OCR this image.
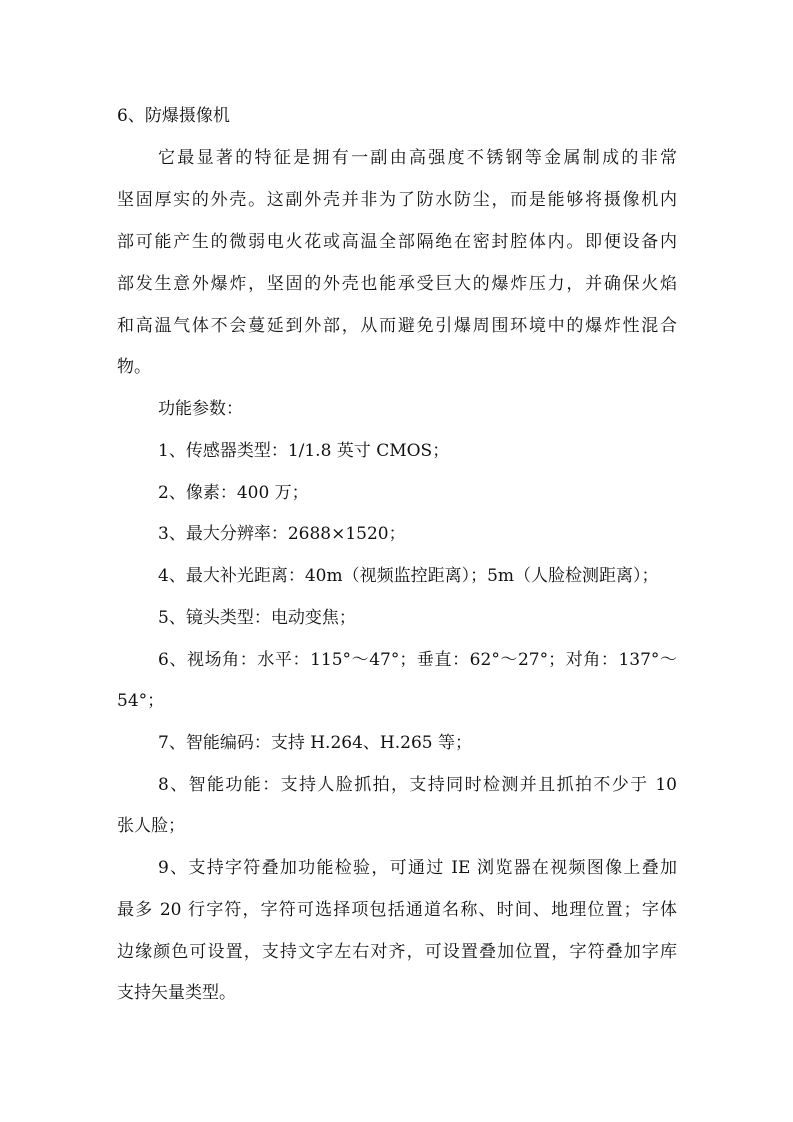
6、防爆摄像机
它最显著的特征是拥有一副由高强度不锈钢等金属制成的非常
坚固厚实的外壳。这副外壳并非为了防水防尘，而是能够将摄像机内
部可能产生的微弱电火花或高温全部隔绝在密封腔体内。即便设备内
部发生意外爆炸，坚固的外壳也能承受巨大的爆炸压力，并确保火焰
和高温气体不会蔓延到外部，从而避免引爆周围环境中的爆炸性混合
物。
功能参数：
1、传感器类型：1/1.8 英寸 CMOS；
2、像素：400 万；
3、最大分辨率：2688×1520；
4、最大补光距离：40m（视频监控距离）；5m（人脸检测距离）；
5、镜头类型：电动变焦；
6、视场角：水平：115°～47°；垂直：62°～27°；对角：137°～
54°；
7、智能编码：支持 H.264、H.265 等；
8、智能功能：支持人脸抓拍，支持同时检测并且抓拍不少于 10
张人脸；
9、支持字符叠加功能检验，可通过 IE 浏览器在视频图像上叠加
最多 20 行字符，字符可选择项包括通道名称、时间、地理位置；字体
边缘颜色可设置，支持文字左右对齐，可设置叠加位置，字符叠加字库
支持矢量类型。
